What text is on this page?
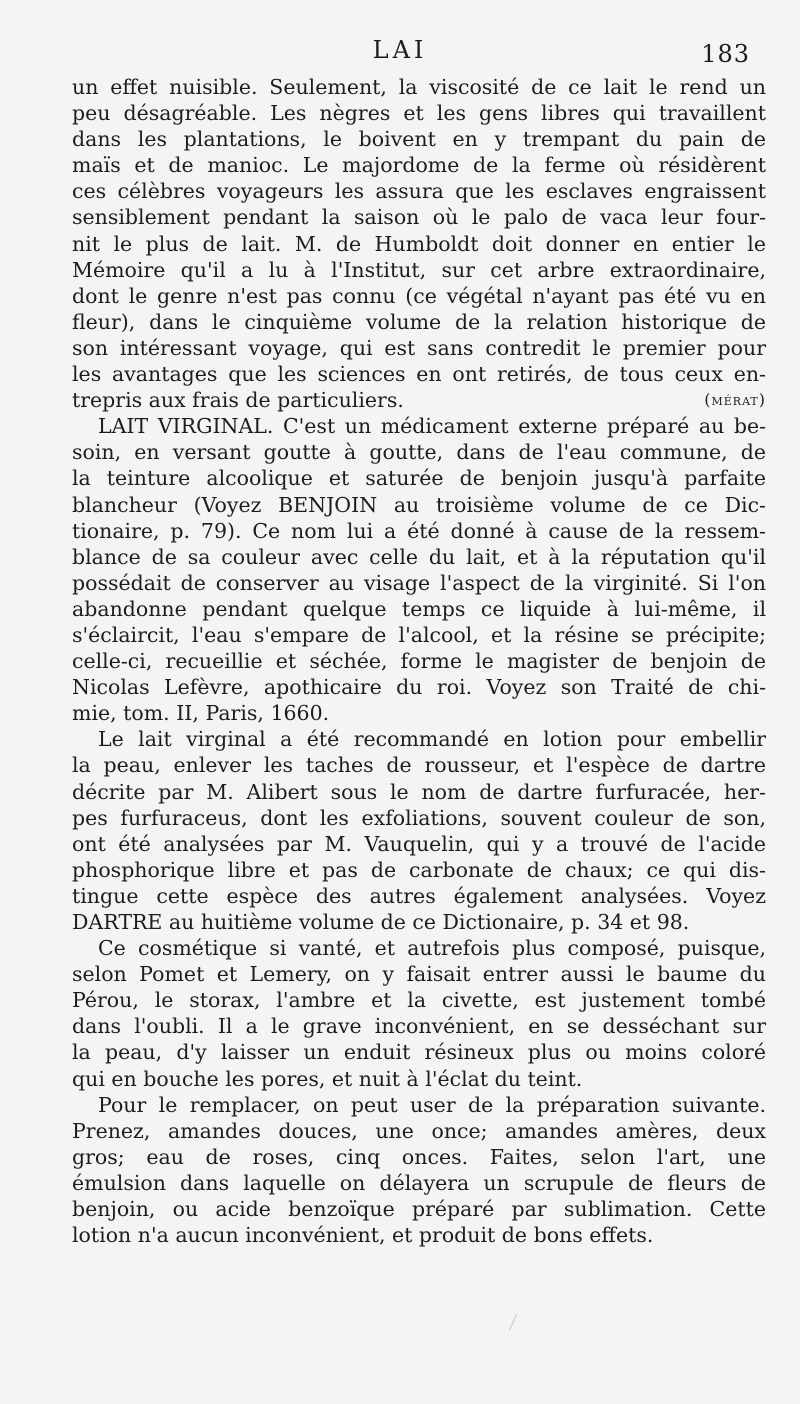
LAI	183
un effet nuisible. Seulement, la viscosité de ce lait le rend un
peu désagréable. Les nègres et les gens libres qui travaillent
dans les plantations, le boivent en y trempant du pain de
maïs et de manioc. Le majordome de la ferme où résidèrent
ces célèbres voyageurs les assura que les esclaves engraissent
sensiblement pendant la saison où le palo de vaca leur four-
nit le plus de lait. M. de Humboldt doit donner en entier le
Mémoire qu'il a lu à l'Institut, sur cet arbre extraordinaire,
dont le genre n'est pas connu (ce végétal n'ayant pas été vu en
fleur), dans le cinquième volume de la relation historique de
son intéressant voyage, qui est sans contredit le premier pour
les avantages que les sciences en ont retirés, de tous ceux en-
trepris aux frais de particuliers.	(mérat)
LAIT VIRGINAL. C'est un médicament externe préparé au be-
soin, en versant goutte à goutte, dans de l'eau commune, de
la teinture alcoolique et saturée de benjoin jusqu'à parfaite
blancheur (Voyez BENJOIN au troisième volume de ce Dic-
tionaire, p. 79). Ce nom lui a été donné à cause de la ressem-
blance de sa couleur avec celle du lait, et à la réputation qu'il
possédait de conserver au visage l'aspect de la virginité. Si l'on
abandonne pendant quelque temps ce liquide à lui-même, il
s'éclaircit, l'eau s'empare de l'alcool, et la résine se précipite;
celle-ci, recueillie et séchée, forme le magister de benjoin de
Nicolas Lefèvre, apothicaire du roi. Voyez son Traité de chi-
mie, tom. II, Paris, 1660.
Le lait virginal a été recommandé en lotion pour embellir
la peau, enlever les taches de rousseur, et l'espèce de dartre
décrite par M. Alibert sous le nom de dartre furfuracée, her-
pes furfuraceus, dont les exfoliations, souvent couleur de son,
ont été analysées par M. Vauquelin, qui y a trouvé de l'acide
phosphorique libre et pas de carbonate de chaux; ce qui dis-
tingue cette espèce des autres également analysées. Voyez
DARTRE au huitième volume de ce Dictionaire, p. 34 et 98.
Ce cosmétique si vanté, et autrefois plus composé, puisque,
selon Pomet et Lemery, on y faisait entrer aussi le baume du
Pérou, le storax, l'ambre et la civette, est justement tombé
dans l'oubli. Il a le grave inconvénient, en se desséchant sur
la peau, d'y laisser un enduit résineux plus ou moins coloré
qui en bouche les pores, et nuit à l'éclat du teint.
Pour le remplacer, on peut user de la préparation suivante.
Prenez, amandes douces, une once; amandes amères, deux
gros; eau de roses, cinq onces. Faites, selon l'art, une
émulsion dans laquelle on délayera un scrupule de fleurs de
benjoin, ou acide benzoïque préparé par sublimation. Cette
lotion n'a aucun inconvénient, et produit de bons effets.
